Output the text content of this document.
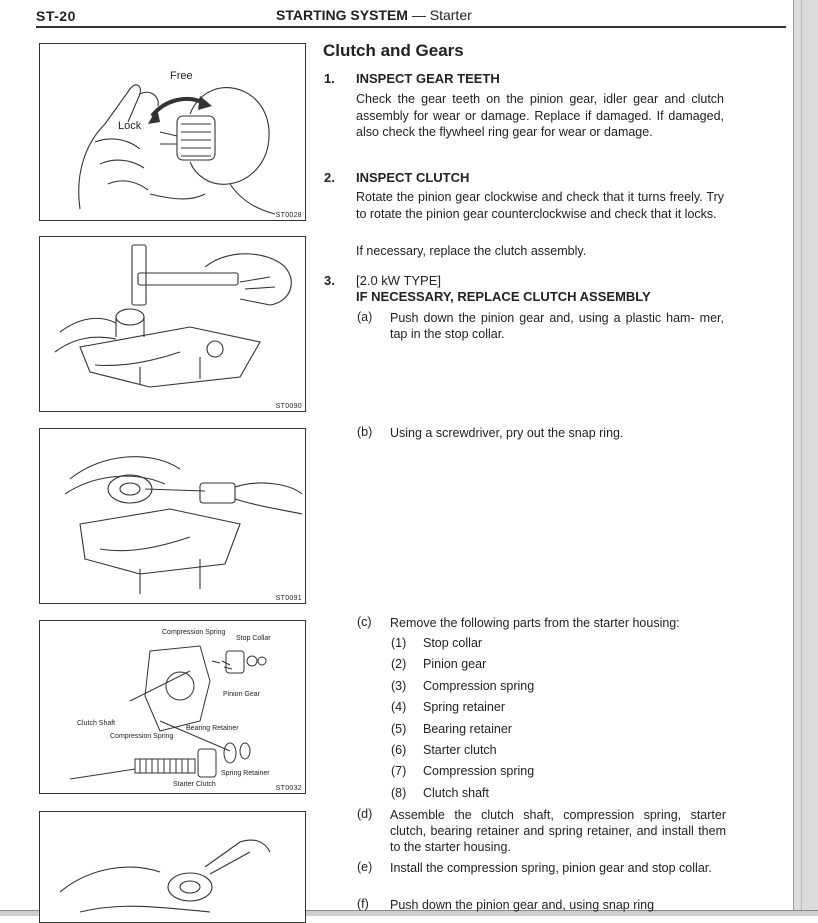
ST-20	STARTING SYSTEM — Starter
Free
Lock
ST0028
ST0090
ST0091
Compression Spring
Stop Collar
Pinion Gear
Clutch Shaft
Bearing Retainer
Compression Spring
Spring Retainer
Starter Clutch
ST0032
Clutch and Gears
1. INSPECT GEAR TEETH
Check the gear teeth on the pinion gear, idler gear and clutch assembly for wear or damage. Replace if damaged. If damaged, also check the flywheel ring gear for wear or damage.
2. INSPECT CLUTCH
Rotate the pinion gear clockwise and check that it turns freely. Try to rotate the pinion gear counterclockwise and check that it locks.
If necessary, replace the clutch assembly.
3. [2.0 kW TYPE]
IF NECESSARY, REPLACE CLUTCH ASSEMBLY
(a) Push down the pinion gear and, using a plastic ham- mer, tap in the stop collar.
(b) Using a screwdriver, pry out the snap ring.
(c) Remove the following parts from the starter housing:
(1) Stop collar
(2) Pinion gear
(3) Compression spring
(4) Spring retainer
(5) Bearing retainer
(6) Starter clutch
(7) Compression spring
(8) Clutch shaft
(d) Assemble the clutch shaft, compression spring, starter clutch, bearing retainer and spring retainer, and install them to the starter housing.
(e) Install the compression spring, pinion gear and stop collar.
(f) Push down the pinion gear and, using snap ring
